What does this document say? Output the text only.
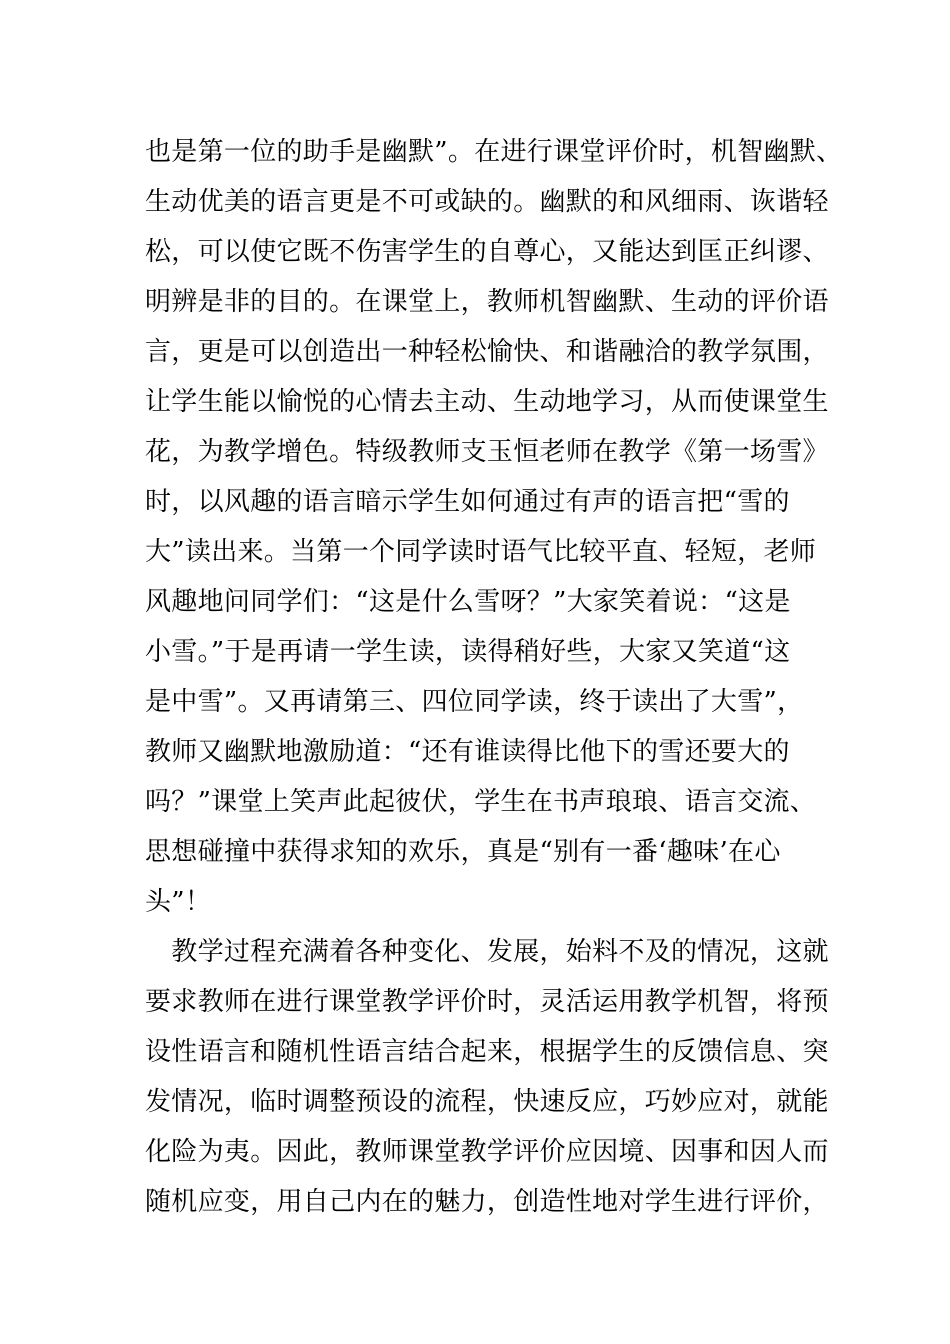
也是第一位的助手是幽默”。在进行课堂评价时，机智幽默、

生动优美的语言更是不可或缺的。幽默的和风细雨、诙谐轻

松，可以使它既不伤害学生的自尊心，又能达到匡正纠谬、

明辨是非的目的。在课堂上，教师机智幽默、生动的评价语

言，更是可以创造出一种轻松愉快、和谐融洽的教学氛围，

让学生能以愉悦的心情去主动、生动地学习，从而使课堂生

花，为教学增色。特级教师支玉恒老师在教学《第一场雪》

时，以风趣的语言暗示学生如何通过有声的语言把“雪的

大”读出来。当第一个同学读时语气比较平直、轻短，老师

风趣地问同学们：“这是什么雪呀？”大家笑着说：“这是

小雪。”于是再请一学生读，读得稍好些，大家又笑道“这

是中雪”。又再请第三、四位同学读，终于读出了大雪”，

教师又幽默地激励道：“还有谁读得比他下的雪还要大的

吗？”课堂上笑声此起彼伏，学生在书声琅琅、语言交流、

思想碰撞中获得求知的欢乐，真是“别有一番‘趣味’在心

头”！

　教学过程充满着各种变化、发展，始料不及的情况，这就

要求教师在进行课堂教学评价时，灵活运用教学机智，将预

设性语言和随机性语言结合起来，根据学生的反馈信息、突

发情况，临时调整预设的流程，快速反应，巧妙应对，就能

化险为夷。因此，教师课堂教学评价应因境、因事和因人而

随机应变，用自己内在的魅力，创造性地对学生进行评价，
